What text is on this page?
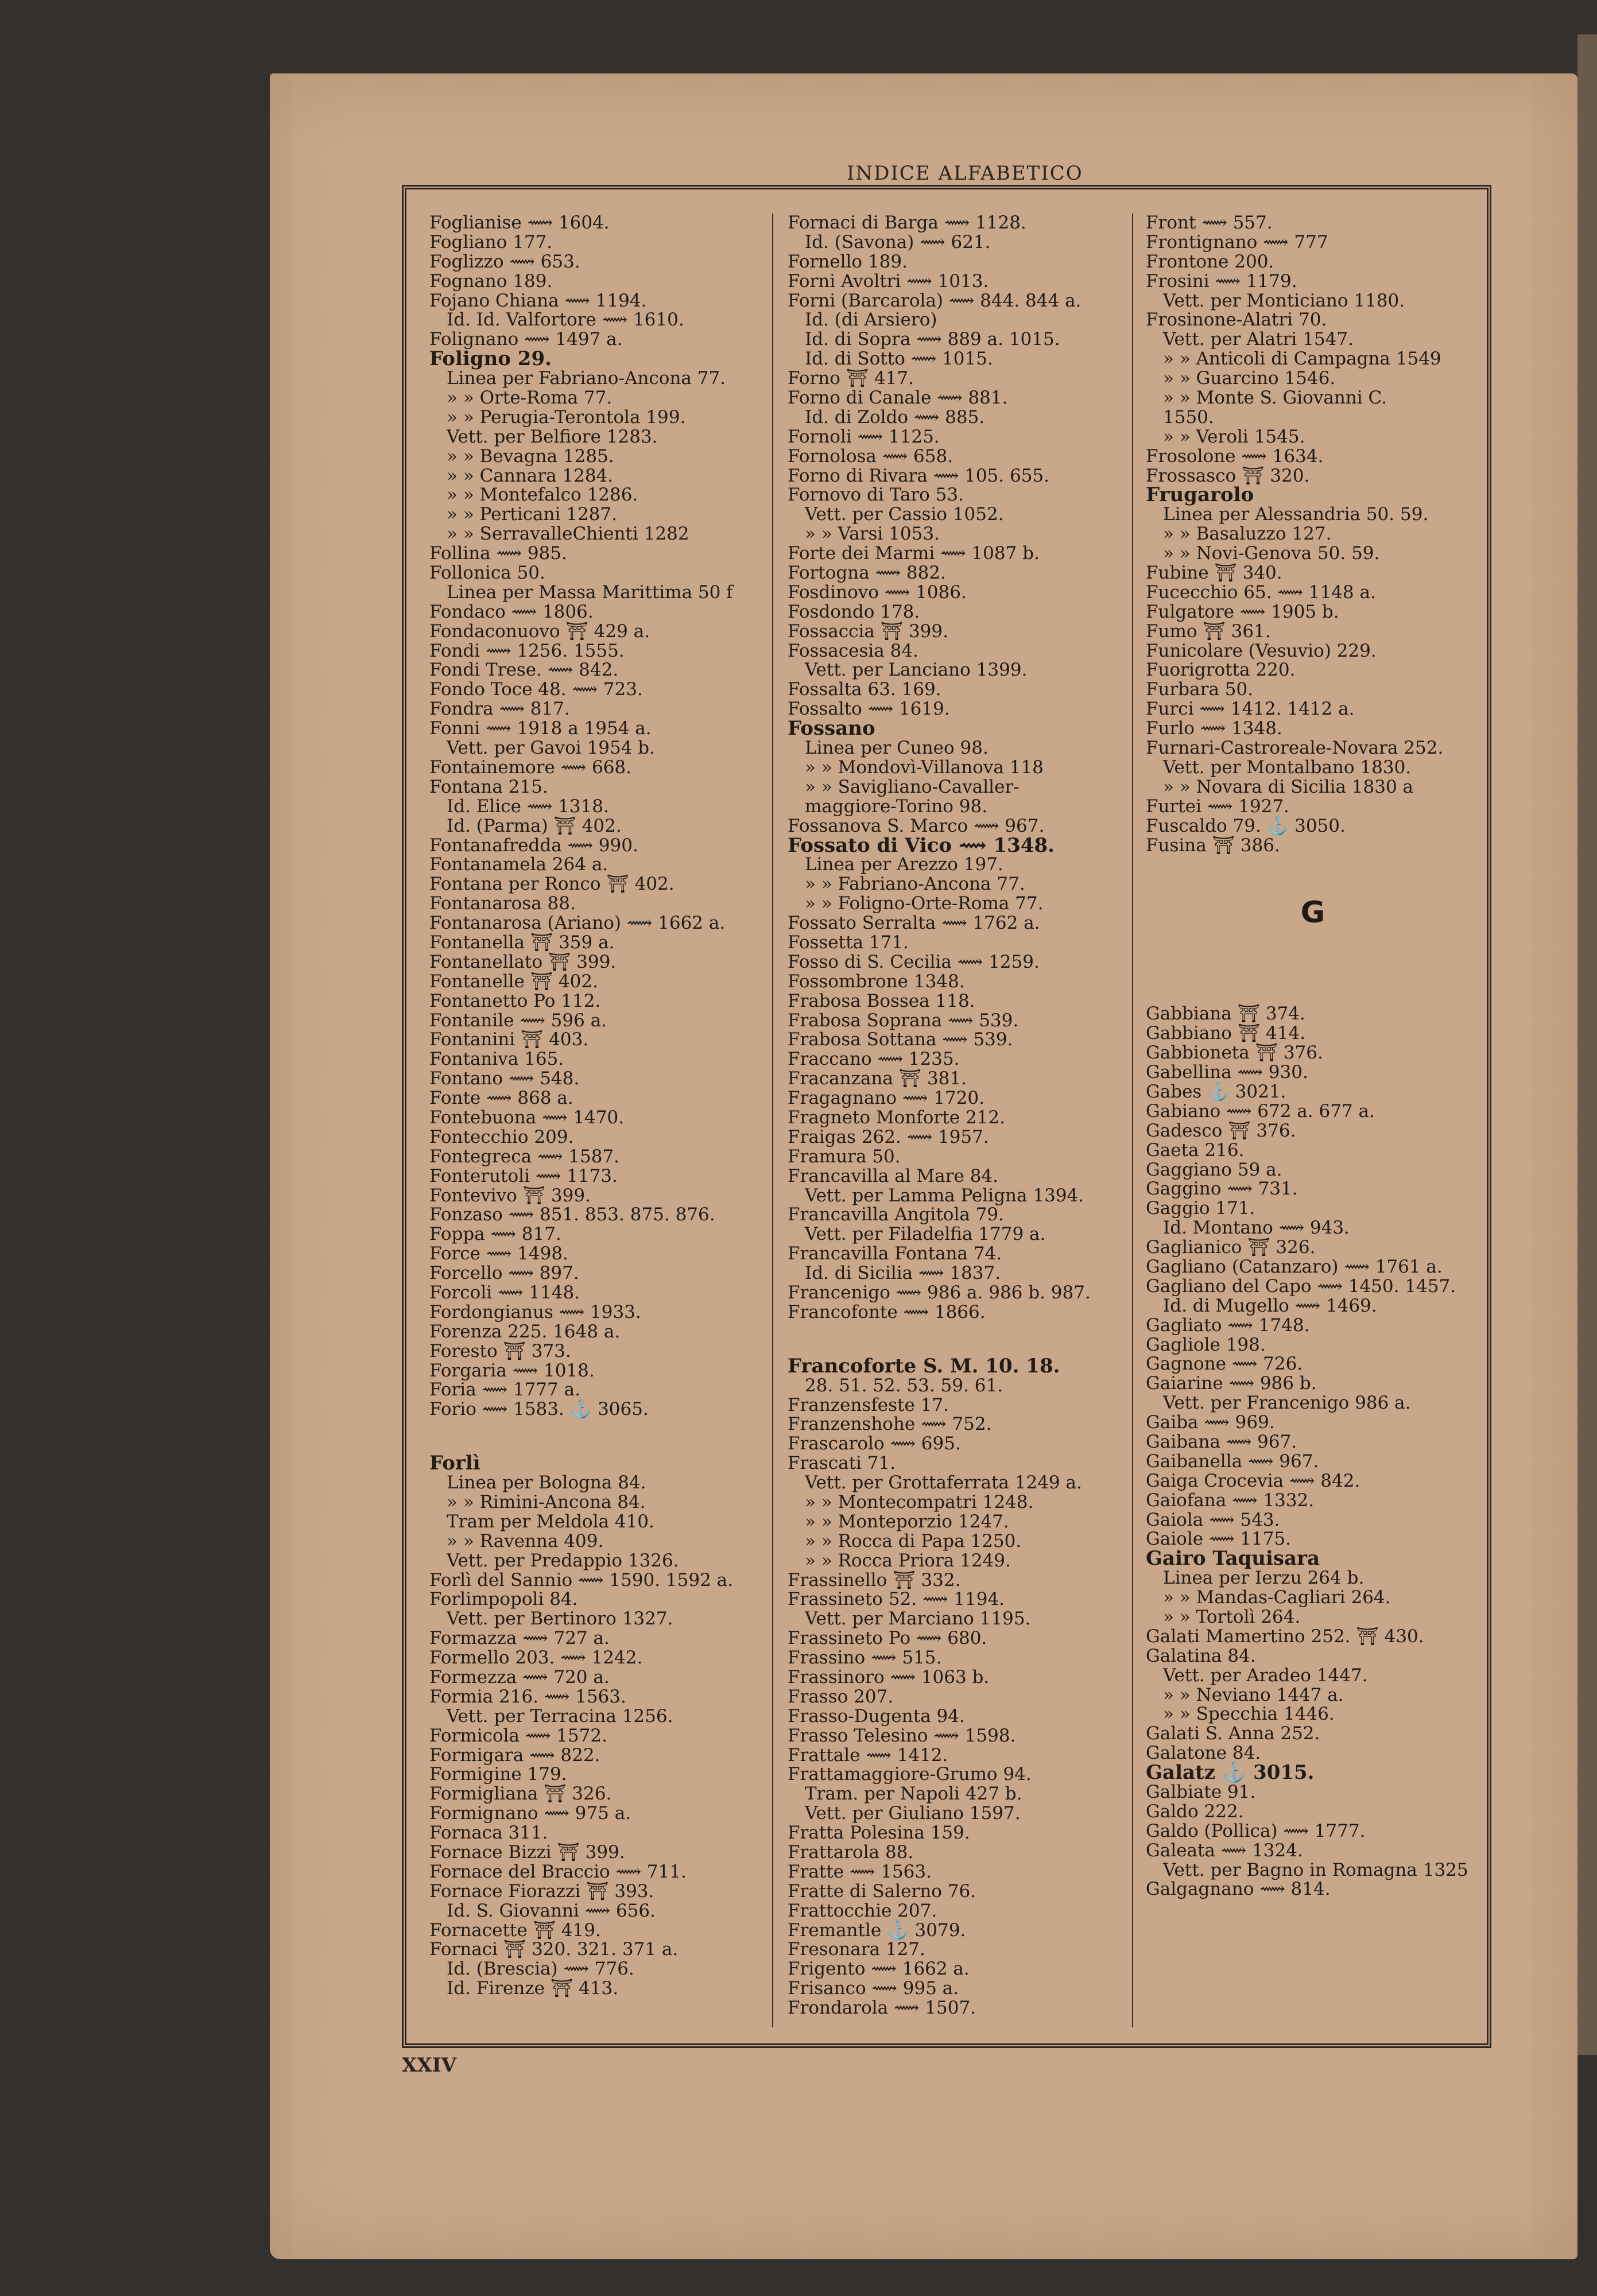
INDICE ALFABETICO
Foglianise ⟿ 1604.
Fogliano 177.
Foglizzo ⟿ 653.
Fognano 189.
Fojano Chiana ⟿ 1194.
Id. Id. Valfortore ⟿ 1610.
Folignano ⟿ 1497 a.
Foligno 29.
Linea per Fabriano-Ancona 77.
» » Orte-Roma 77.
» » Perugia-Terontola 199.
Vett. per Belfiore 1283.
» » Bevagna 1285.
» » Cannara 1284.
» » Montefalco 1286.
» » Perticani 1287.
» » SerravalleChienti 1282
Follina ⟿ 985.
Follonica 50.
Linea per Massa Marittima 50 f
Fondaco ⟿ 1806.
Fondaconuovo ⛩ 429 a.
Fondi ⟿ 1256. 1555.
Fondi Trese. ⟿ 842.
Fondo Toce 48. ⟿ 723.
Fondra ⟿ 817.
Fonni ⟿ 1918 a 1954 a.
Vett. per Gavoi 1954 b.
Fontainemore ⟿ 668.
Fontana 215.
Id. Elice ⟿ 1318.
Id. (Parma) ⛩ 402.
Fontanafredda ⟿ 990.
Fontanamela 264 a.
Fontana per Ronco ⛩ 402.
Fontanarosa 88.
Fontanarosa (Ariano) ⟿ 1662 a.
Fontanella ⛩ 359 a.
Fontanellato ⛩ 399.
Fontanelle ⛩ 402.
Fontanetto Po 112.
Fontanile ⟿ 596 a.
Fontanini ⛩ 403.
Fontaniva 165.
Fontano ⟿ 548.
Fonte ⟿ 868 a.
Fontebuona ⟿ 1470.
Fontecchio 209.
Fontegreca ⟿ 1587.
Fonterutoli ⟿ 1173.
Fontevivo ⛩ 399.
Fonzaso ⟿ 851. 853. 875. 876.
Foppa ⟿ 817.
Force ⟿ 1498.
Forcello ⟿ 897.
Forcoli ⟿ 1148.
Fordongianus ⟿ 1933.
Forenza 225. 1648 a.
Foresto ⛩ 373.
Forgaria ⟿ 1018.
Foria ⟿ 1777 a.
Forio ⟿ 1583. ⚓ 3065.
Forlì
Linea per Bologna 84.
» » Rimini-Ancona 84.
Tram per Meldola 410.
» » Ravenna 409.
Vett. per Predappio 1326.
Forlì del Sannio ⟿ 1590. 1592 a.
Forlimpopoli 84.
Vett. per Bertinoro 1327.
Formazza ⟿ 727 a.
Formello 203. ⟿ 1242.
Formezza ⟿ 720 a.
Formia 216. ⟿ 1563.
Vett. per Terracina 1256.
Formicola ⟿ 1572.
Formigara ⟿ 822.
Formigine 179.
Formigliana ⛩ 326.
Formignano ⟿ 975 a.
Fornaca 311.
Fornace Bizzi ⛩ 399.
Fornace del Braccio ⟿ 711.
Fornace Fiorazzi ⛩ 393.
Id. S. Giovanni ⟿ 656.
Fornacette ⛩ 419.
Fornaci ⛩ 320. 321. 371 a.
Id. (Brescia) ⟿ 776.
Id. Firenze ⛩ 413.
Fornaci di Barga ⟿ 1128.
Id. (Savona) ⟿ 621.
Fornello 189.
Forni Avoltri ⟿ 1013.
Forni (Barcarola) ⟿ 844. 844 a.
Id. (di Arsiero)
Id. di Sopra ⟿ 889 a. 1015.
Id. di Sotto ⟿ 1015.
Forno ⛩ 417.
Forno di Canale ⟿ 881.
Id. di Zoldo ⟿ 885.
Fornoli ⟿ 1125.
Fornolosa ⟿ 658.
Forno di Rivara ⟿ 105. 655.
Fornovo di Taro 53.
Vett. per Cassio 1052.
» » Varsi 1053.
Forte dei Marmi ⟿ 1087 b.
Fortogna ⟿ 882.
Fosdinovo ⟿ 1086.
Fosdondo 178.
Fossaccia ⛩ 399.
Fossacesia 84.
Vett. per Lanciano 1399.
Fossalta 63. 169.
Fossalto ⟿ 1619.
Fossano
Linea per Cuneo 98.
» » Mondovì-Villanova 118
» » Savigliano-Cavaller-
maggiore-Torino 98.
Fossanova S. Marco ⟿ 967.
Fossato di Vico ⟿ 1348.
Linea per Arezzo 197.
» » Fabriano-Ancona 77.
» » Foligno-Orte-Roma 77.
Fossato Serralta ⟿ 1762 a.
Fossetta 171.
Fosso di S. Cecilia ⟿ 1259.
Fossombrone 1348.
Frabosa Bossea 118.
Frabosa Soprana ⟿ 539.
Frabosa Sottana ⟿ 539.
Fraccano ⟿ 1235.
Fracanzana ⛩ 381.
Fragagnano ⟿ 1720.
Fragneto Monforte 212.
Fraigas 262. ⟿ 1957.
Framura 50.
Francavilla al Mare 84.
Vett. per Lamma Peligna 1394.
Francavilla Angitola 79.
Vett. per Filadelfia 1779 a.
Francavilla Fontana 74.
Id. di Sicilia ⟿ 1837.
Francenigo ⟿ 986 a. 986 b. 987.
Francofonte ⟿ 1866.
Francoforte S. M. 10. 18.
28. 51. 52. 53. 59. 61.
Franzensfeste 17.
Franzenshohe ⟿ 752.
Frascarolo ⟿ 695.
Frascati 71.
Vett. per Grottaferrata 1249 a.
» » Montecompatri 1248.
» » Monteporzio 1247.
» » Rocca di Papa 1250.
» » Rocca Priora 1249.
Frassinello ⛩ 332.
Frassineto 52. ⟿ 1194.
Vett. per Marciano 1195.
Frassineto Po ⟿ 680.
Frassino ⟿ 515.
Frassinoro ⟿ 1063 b.
Frasso 207.
Frasso-Dugenta 94.
Frasso Telesino ⟿ 1598.
Frattale ⟿ 1412.
Frattamaggiore-Grumo 94.
Tram. per Napoli 427 b.
Vett. per Giuliano 1597.
Fratta Polesina 159.
Frattarola 88.
Fratte ⟿ 1563.
Fratte di Salerno 76.
Frattocchie 207.
Fremantle ⚓ 3079.
Fresonara 127.
Frigento ⟿ 1662 a.
Frisanco ⟿ 995 a.
Frondarola ⟿ 1507.
Front ⟿ 557.
Frontignano ⟿ 777
Frontone 200.
Frosini ⟿ 1179.
Vett. per Monticiano 1180.
Frosinone-Alatri 70.
Vett. per Alatri 1547.
» » Anticoli di Campagna 1549
» » Guarcino 1546.
» » Monte S. Giovanni C.
1550.
» » Veroli 1545.
Frosolone ⟿ 1634.
Frossasco ⛩ 320.
Frugarolo
Linea per Alessandria 50. 59.
» » Basaluzzo 127.
» » Novi-Genova 50. 59.
Fubine ⛩ 340.
Fucecchio 65. ⟿ 1148 a.
Fulgatore ⟿ 1905 b.
Fumo ⛩ 361.
Funicolare (Vesuvio) 229.
Fuorigrotta 220.
Furbara 50.
Furci ⟿ 1412. 1412 a.
Furlo ⟿ 1348.
Furnari-Castroreale-Novara 252.
Vett. per Montalbano 1830.
» » Novara di Sicilia 1830 a
Furtei ⟿ 1927.
Fuscaldo 79. ⚓ 3050.
Fusina ⛩ 386.
G
Gabbiana ⛩ 374.
Gabbiano ⛩ 414.
Gabbioneta ⛩ 376.
Gabellina ⟿ 930.
Gabes ⚓ 3021.
Gabiano ⟿ 672 a. 677 a.
Gadesco ⛩ 376.
Gaeta 216.
Gaggiano 59 a.
Gaggino ⟿ 731.
Gaggio 171.
Id. Montano ⟿ 943.
Gaglianico ⛩ 326.
Gagliano (Catanzaro) ⟿ 1761 a.
Gagliano del Capo ⟿ 1450. 1457.
Id. di Mugello ⟿ 1469.
Gagliato ⟿ 1748.
Gagliole 198.
Gagnone ⟿ 726.
Gaiarine ⟿ 986 b.
Vett. per Francenigo 986 a.
Gaiba ⟿ 969.
Gaibana ⟿ 967.
Gaibanella ⟿ 967.
Gaiga Crocevia ⟿ 842.
Gaiofana ⟿ 1332.
Gaiola ⟿ 543.
Gaiole ⟿ 1175.
Gairo Taquisara
Linea per Ierzu 264 b.
» » Mandas-Cagliari 264.
» » Tortolì 264.
Galati Mamertino 252. ⛩ 430.
Galatina 84.
Vett. per Aradeo 1447.
» » Neviano 1447 a.
» » Specchia 1446.
Galati S. Anna 252.
Galatone 84.
Galatz ⚓ 3015.
Galbiate 91.
Galdo 222.
Galdo (Pollica) ⟿ 1777.
Galeata ⟿ 1324.
Vett. per Bagno in Romagna 1325
Galgagnano ⟿ 814.
XXIV
